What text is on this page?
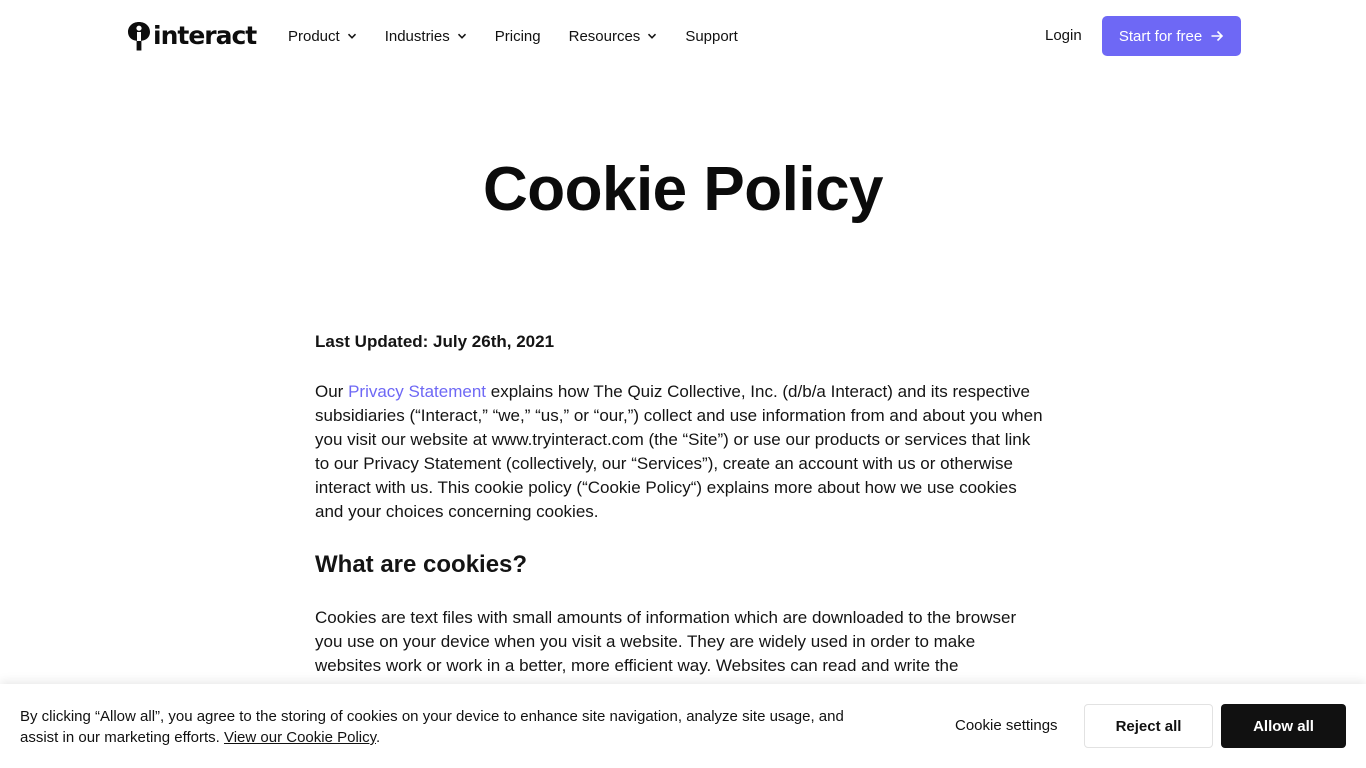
interact Product	Industries	Pricing Resources	Support	Login Start for free
Cookie Policy

Last Updated: July 26th, 2021

Our Privacy Statement explains how The Quiz Collective, Inc. (d/b/a Interact) and its respective subsidiaries (“Interact,” “we,” “us,” or “our,”) collect and use information from and about you when you visit our website at www.tryinteract.com (the “Site”) or use our products or services that link to our Privacy Statement (collectively, our “Services”), create an account with us or otherwise interact with us. This cookie policy (“Cookie Policy“) explains more about how we use cookies and your choices concerning cookies.

What are cookies?

Cookies are text files with small amounts of information which are downloaded to the browser you use on your device when you visit a website. They are widely used in order to make websites work or work in a better, more efficient way. Websites can read and write the

By clicking “Allow all”, you agree to the storing of cookies on your device to enhance site navigation, analyze site usage, and assist in our marketing efforts. View our Cookie Policy.

Cookie settings	Reject all	Allow all
